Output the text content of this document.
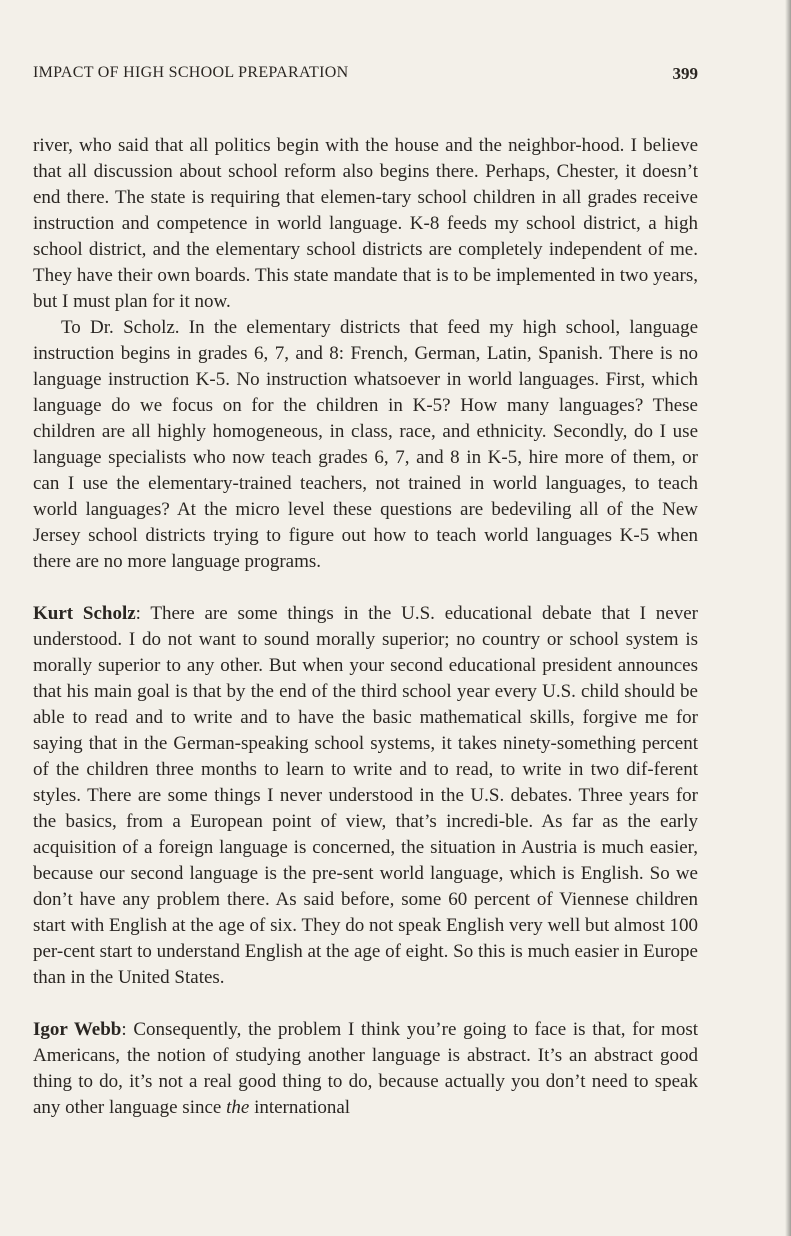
IMPACT OF HIGH SCHOOL PREPARATION	399

river, who said that all politics begin with the house and the neighbor-hood. I believe that all discussion about school reform also begins there. Perhaps, Chester, it doesn’t end there. The state is requiring that elemen-tary school children in all grades receive instruction and competence in world language. K-8 feeds my school district, a high school district, and the elementary school districts are completely independent of me. They have their own boards. This state mandate that is to be implemented in two years, but I must plan for it now.

To Dr. Scholz. In the elementary districts that feed my high school, language instruction begins in grades 6, 7, and 8: French, German, Latin, Spanish. There is no language instruction K-5. No instruction whatsoever in world languages. First, which language do we focus on for the children in K-5? How many languages? These children are all highly homogeneous, in class, race, and ethnicity. Secondly, do I use language specialists who now teach grades 6, 7, and 8 in K-5, hire more of them, or can I use the elementary-trained teachers, not trained in world languages, to teach world languages? At the micro level these questions are bedeviling all of the New Jersey school districts trying to figure out how to teach world languages K-5 when there are no more language programs.

Kurt Scholz: There are some things in the U.S. educational debate that I never understood. I do not want to sound morally superior; no country or school system is morally superior to any other. But when your second educational president announces that his main goal is that by the end of the third school year every U.S. child should be able to read and to write and to have the basic mathematical skills, forgive me for saying that in the German-speaking school systems, it takes ninety-something percent of the children three months to learn to write and to read, to write in two dif-ferent styles. There are some things I never understood in the U.S. debates. Three years for the basics, from a European point of view, that’s incredi-ble. As far as the early acquisition of a foreign language is concerned, the situation in Austria is much easier, because our second language is the pre-sent world language, which is English. So we don’t have any problem there. As said before, some 60 percent of Viennese children start with English at the age of six. They do not speak English very well but almost 100 per-cent start to understand English at the age of eight. So this is much easier in Europe than in the United States.

Igor Webb: Consequently, the problem I think you’re going to face is that, for most Americans, the notion of studying another language is abstract. It’s an abstract good thing to do, it’s not a real good thing to do, because actually you don’t need to speak any other language since the international
